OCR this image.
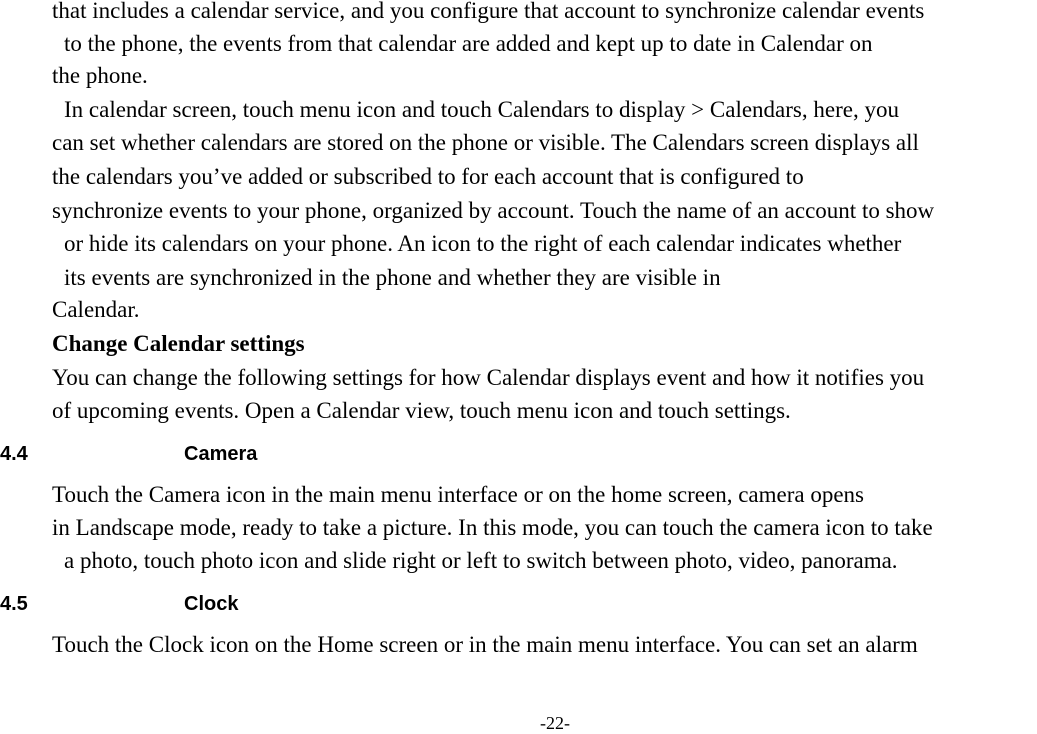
that includes a calendar service, and you configure that account to synchronize calendar events
to the phone, the events from that calendar are added and kept up to date in Calendar on
the phone.
In calendar screen, touch menu icon and touch Calendars to display > Calendars, here, you
can set whether calendars are stored on the phone or visible. The Calendars screen displays all
the calendars you’ve added or subscribed to for each account that is configured to
synchronize events to your phone, organized by account. Touch the name of an account to show
or hide its calendars on your phone. An icon to the right of each calendar indicates whether
its events are synchronized in the phone and whether they are visible in
Calendar.
Change Calendar settings
You can change the following settings for how Calendar displays event and how it notifies you
of upcoming events. Open a Calendar view, touch menu icon and touch settings.
4.4	Camera
Touch the Camera icon in the main menu interface or on the home screen, camera opens
in Landscape mode, ready to take a picture. In this mode, you can touch the camera icon to take
a photo, touch photo icon and slide right or left to switch between photo, video, panorama.
4.5	Clock
Touch the Clock icon on the Home screen or in the main menu interface. You can set an alarm
-22-
